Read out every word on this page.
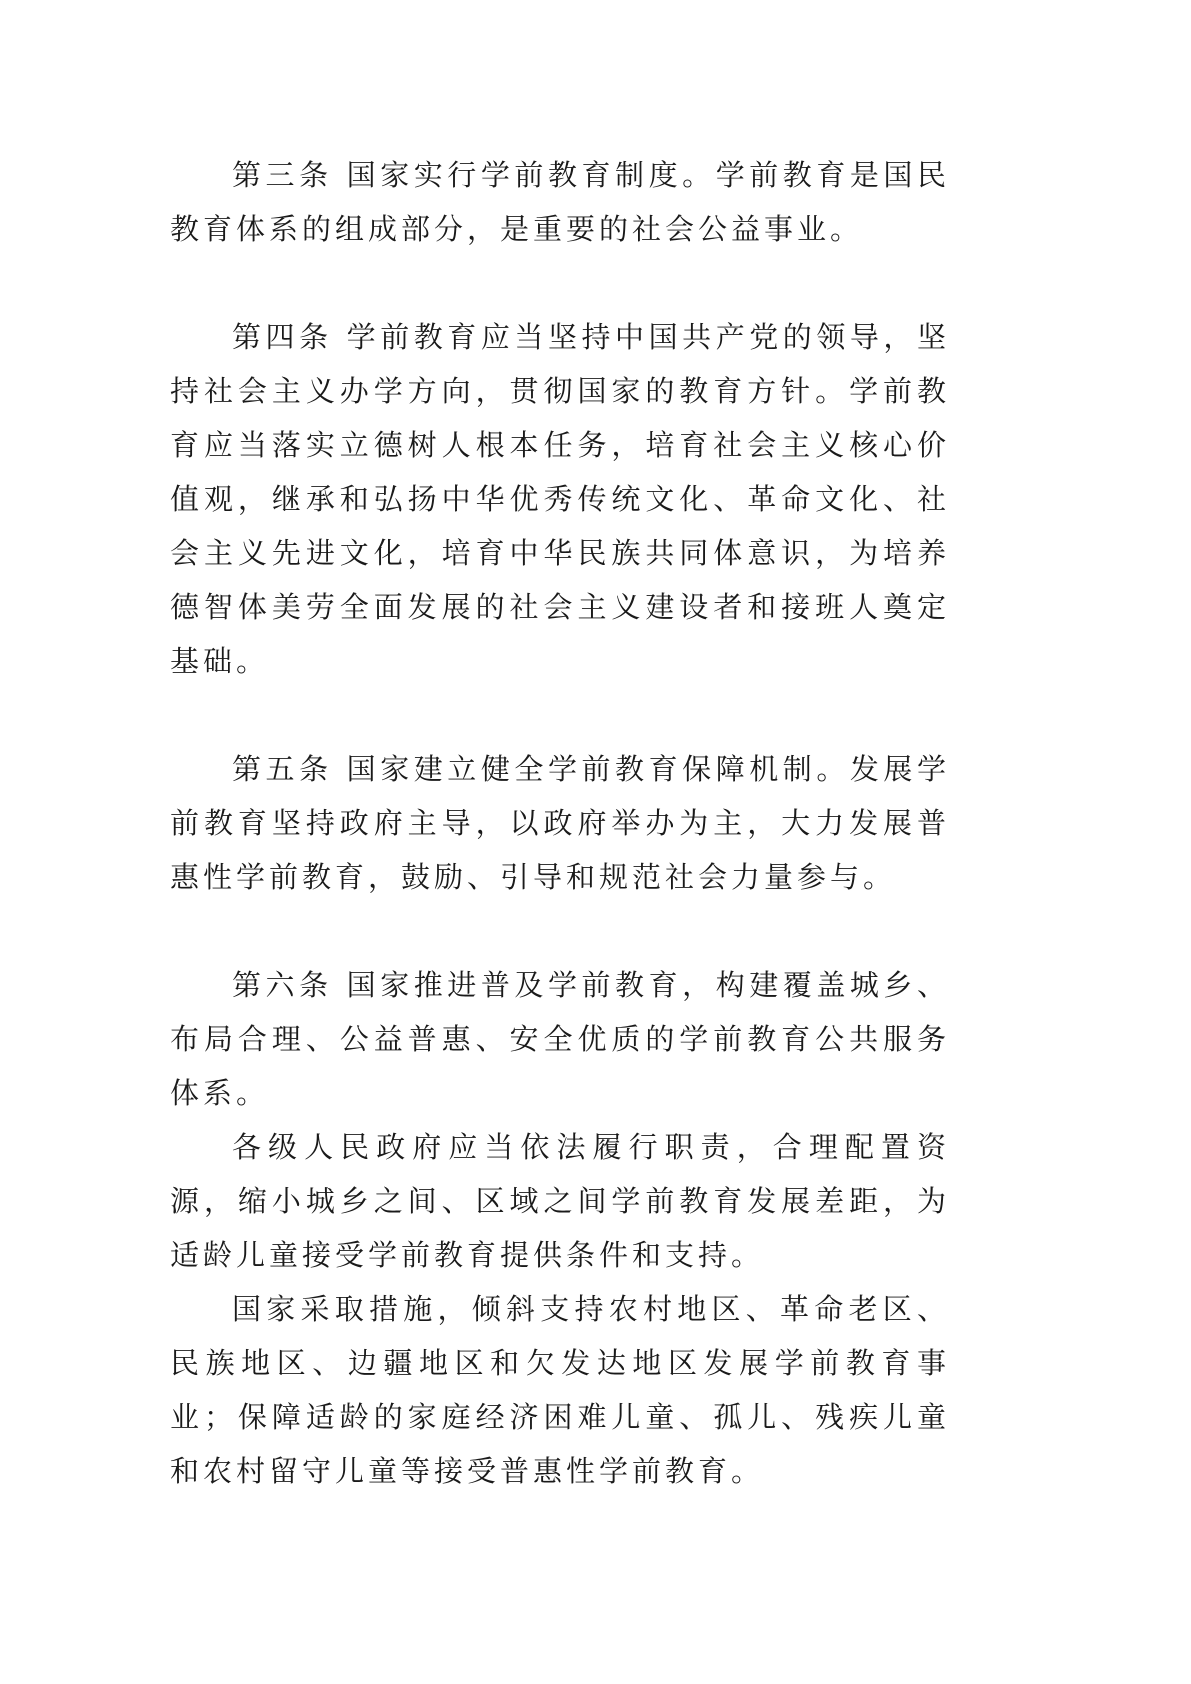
第三条 国家实行学前教育制度。学前教育是国民教育体系的组成部分，是重要的社会公益事业。

第四条 学前教育应当坚持中国共产党的领导，坚持社会主义办学方向，贯彻国家的教育方针。学前教育应当落实立德树人根本任务，培育社会主义核心价值观，继承和弘扬中华优秀传统文化、革命文化、社会主义先进文化，培育中华民族共同体意识，为培养德智体美劳全面发展的社会主义建设者和接班人奠定基础。

第五条 国家建立健全学前教育保障机制。发展学前教育坚持政府主导，以政府举办为主，大力发展普惠性学前教育，鼓励、引导和规范社会力量参与。

第六条 国家推进普及学前教育，构建覆盖城乡、布局合理、公益普惠、安全优质的学前教育公共服务体系。

各级人民政府应当依法履行职责，合理配置资源，缩小城乡之间、区域之间学前教育发展差距，为适龄儿童接受学前教育提供条件和支持。

国家采取措施，倾斜支持农村地区、革命老区、民族地区、边疆地区和欠发达地区发展学前教育事业；保障适龄的家庭经济困难儿童、孤儿、残疾儿童和农村留守儿童等接受普惠性学前教育。
